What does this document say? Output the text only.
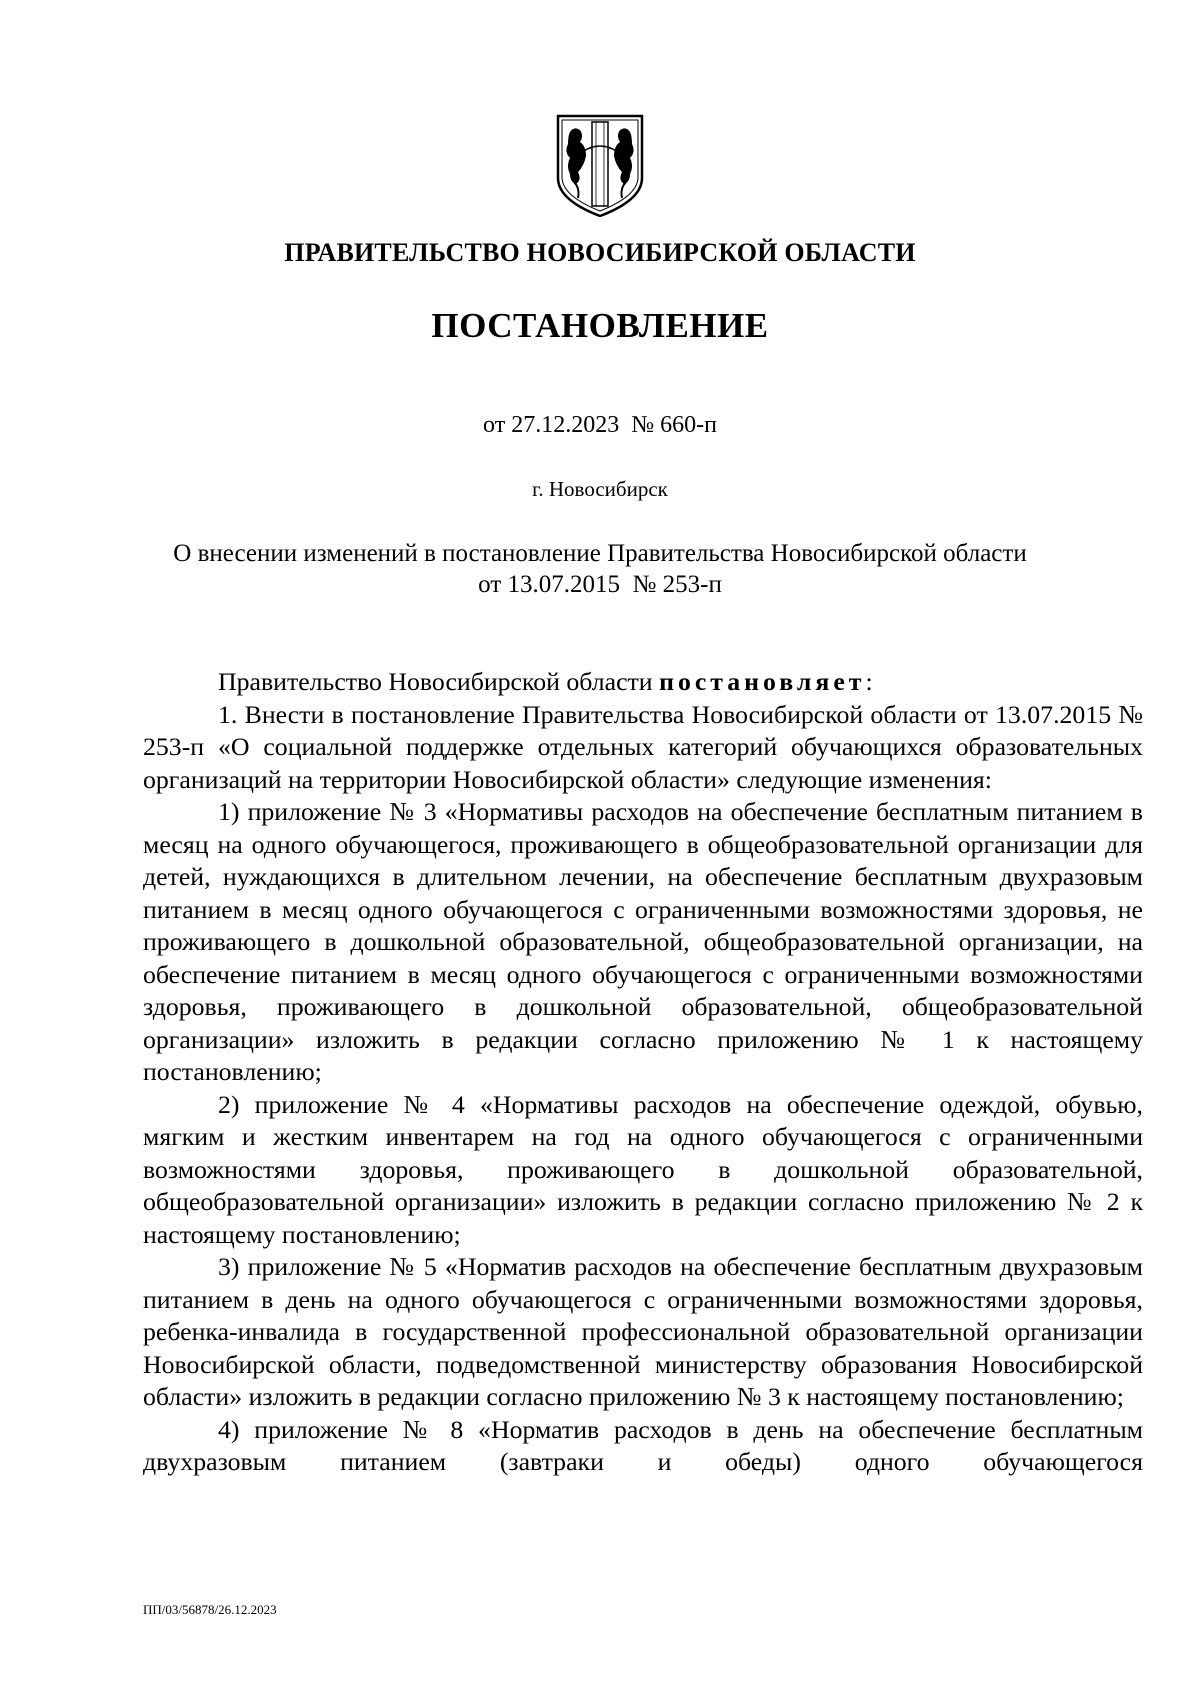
ПРАВИТЕЛЬСТВО НОВОСИБИРСКОЙ ОБЛАСТИ
ПОСТАНОВЛЕНИЕ
от 27.12.2023  № 660-п
г. Новосибирск
О внесении изменений в постановление Правительства Новосибирской области
от 13.07.2015  № 253-п

Правительство Новосибирской области постановляет:

1. Внести в постановление Правительства Новосибирской области от 13.07.2015 № 253-п «О социальной поддержке отдельных категорий обучающихся образовательных организаций на территории Новосибирской области» следующие изменения:

1) приложение № 3 «Нормативы расходов на обеспечение бесплатным питанием в месяц на одного обучающегося, проживающего в общеобразовательной организации для детей, нуждающихся в длительном лечении, на обеспечение бесплатным двухразовым питанием в месяц одного обучающегося с ограниченными возможностями здоровья, не проживающего в дошкольной образовательной, общеобразовательной организации, на обеспечение питанием в месяц одного обучающегося с ограниченными возможностями здоровья, проживающего в дошкольной образовательной, общеобразовательной организации» изложить в редакции согласно приложению № 1 к настоящему постановлению;

2) приложение № 4 «Нормативы расходов на обеспечение одеждой, обувью, мягким и жестким инвентарем на год на одного обучающегося с ограниченными возможностями здоровья, проживающего в дошкольной образовательной, общеобразовательной организации» изложить в редакции согласно приложению № 2 к настоящему постановлению;

3) приложение № 5 «Норматив расходов на обеспечение бесплатным двухразовым питанием в день на одного обучающегося с ограниченными возможностями здоровья, ребенка-инвалида в государственной профессиональной образовательной организации Новосибирской области, подведомственной министерству образования Новосибирской области» изложить в редакции согласно приложению № 3 к настоящему постановлению;

4) приложение № 8 «Норматив расходов в день на обеспечение бесплатным двухразовым питанием (завтраки и обеды) одного обучающегося

ПП/03/56878/26.12.2023
